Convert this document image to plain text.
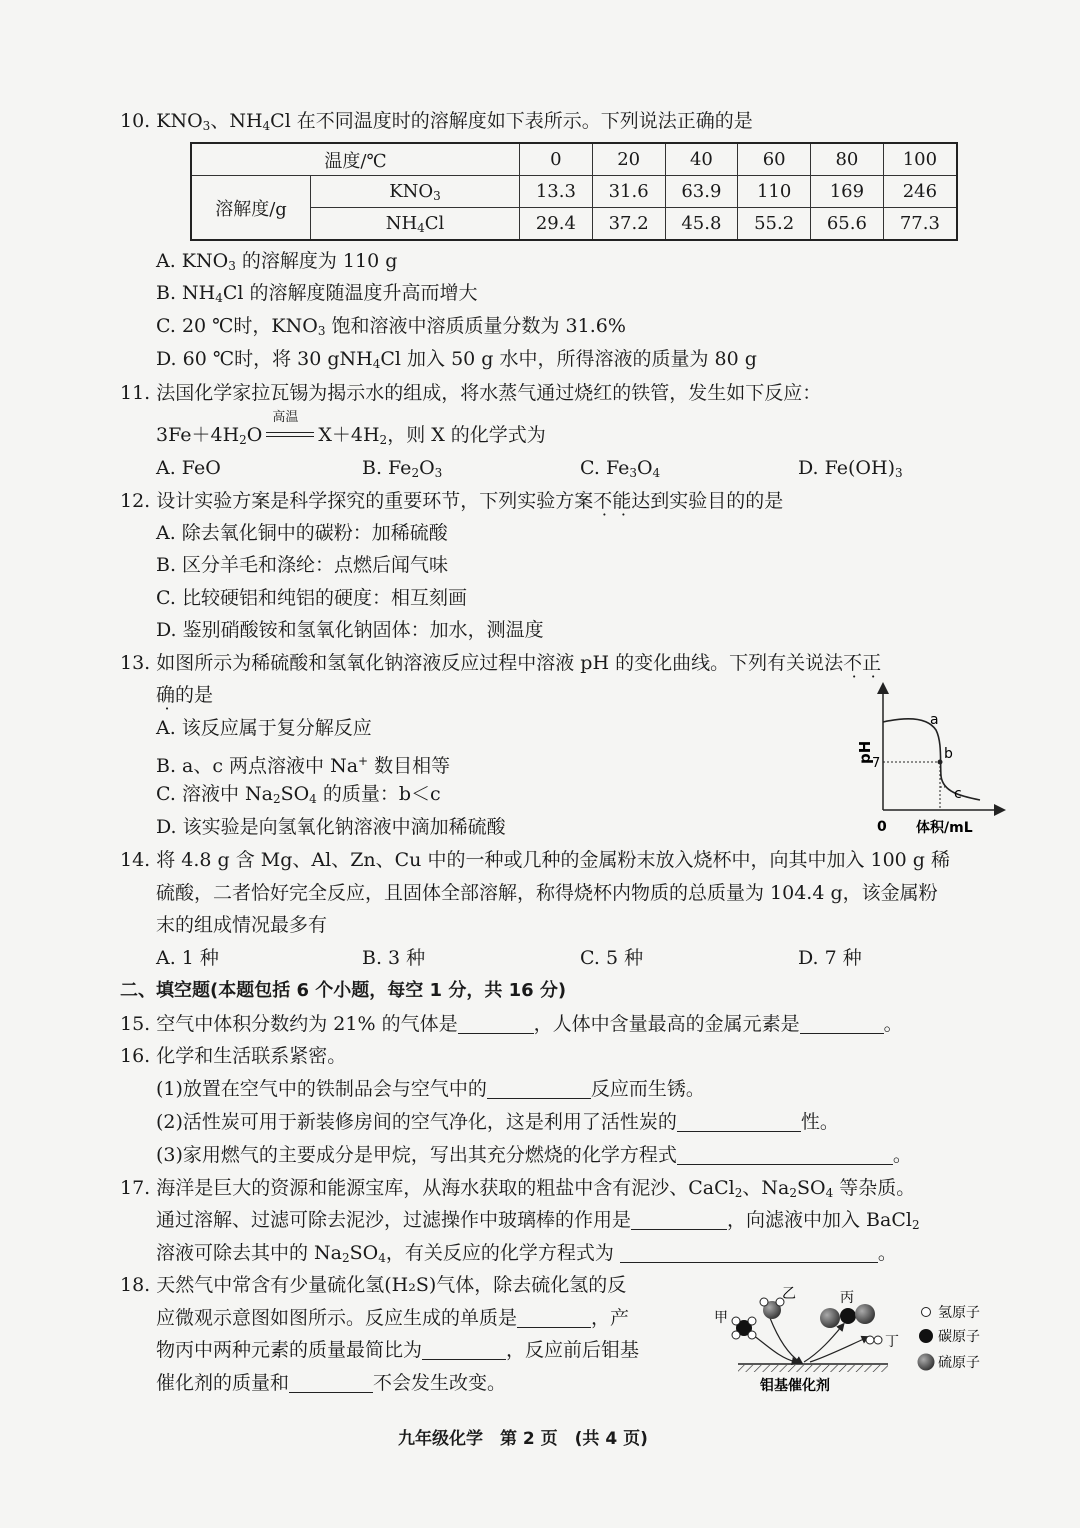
10. $KNO_3$、$NH_4Cl$ 在不同温度时的溶解度如下表所示。下列说法正确的是
温度/℃		0	20	40	60	80	100
溶解度/g	$KNO_3$	13.3	31.6	63.9	110	169	246
	$NH_4Cl$	29.4	37.2	45.8	55.2	65.6	77.3
A. $KNO_3$ 的溶解度为 110 g
B. $NH_4Cl$ 的溶解度随温度升高而增大
C. 20 ℃时，$KNO_3$ 饱和溶液中溶质质量分数为 31.6%
D. 60 ℃时，将 30 gNH$_4$Cl 加入 50 g 水中，所得溶液的质量为 80 g
11. 法国化学家拉瓦锡为揭示水的组成，将水蒸气通过烧红的铁管，发生如下反应：
$3Fe+4H_2O$
高温
$X+4H_2$，则 X 的化学式为
A. FeO	B. $Fe_2O_3$	C. $Fe_3O_4$	D. $Fe(OH)_3$
12. 设计实验方案是科学探究的重要环节，下列实验方案不能达到实验目的的是
A. 除去氧化铜中的碳粉：加稀硫酸
B. 区分羊毛和涤纶：点燃后闻气味
C. 比较硬铝和纯铝的硬度：相互刻画
D. 鉴别硝酸铵和氢氧化钠固体：加水，测温度
13. 如图所示为稀硫酸和氢氧化钠溶液反应过程中溶液 pH 的变化曲线。下列有关说法不正
确的是
A. 该反应属于复分解反应
B. a、c 两点溶液中 Na+ 数目相等
C. 溶液中 $Na_2SO_4$ 的质量：b＜c
D. 该实验是向氢氧化钠溶液中滴加稀硫酸
a
b
c
7
pH
0 体积/mL
14. 将 4.8 g 含 Mg、Al、Zn、Cu 中的一种或几种的金属粉末放入烧杯中，向其中加入 100 g 稀
硫酸，二者恰好完全反应，且固体全部溶解，称得烧杯内物质的总质量为 104.4 g，该金属粉
末的组成情况最多有
A. 1 种	B. 3 种	C. 5 种	D. 7 种
二、填空题(本题包括 6 个小题，每空 1 分，共 16 分)
15. 空气中体积分数约为 21% 的气体是	，人体中含量最高的金属元素是	。
16. 化学和生活联系紧密。
(1)放置在空气中的铁制品会与空气中的	反应而生锈。
(2)活性炭可用于新装修房间的空气净化，这是利用了活性炭的	性。
(3)家用燃气的主要成分是甲烷，写出其充分燃烧的化学方程式	。
17. 海洋是巨大的资源和能源宝库，从海水获取的粗盐中含有泥沙、CaCl$_2$、$Na_2SO_4$ 等杂质。
通过溶解、过滤可除去泥沙，过滤操作中玻璃棒的作用是	，向滤液中加入 BaCl$_2$
溶液可除去其中的 $Na_2SO_4$，有关反应的化学方程式为	。
18. 天然气中常含有少量硫化氢(H₂S)气体，除去硫化氢的反
应微观示意图如图所示。反应生成的单质是	，产
物丙中两种元素的质量最简比为	，反应前后钼基
催化剂的质量和	不会发生改变。
甲
乙	丙
丁
钼基催化剂
氢原子
碳原子
硫原子
九年级化学　第 2 页　(共 4 页)
